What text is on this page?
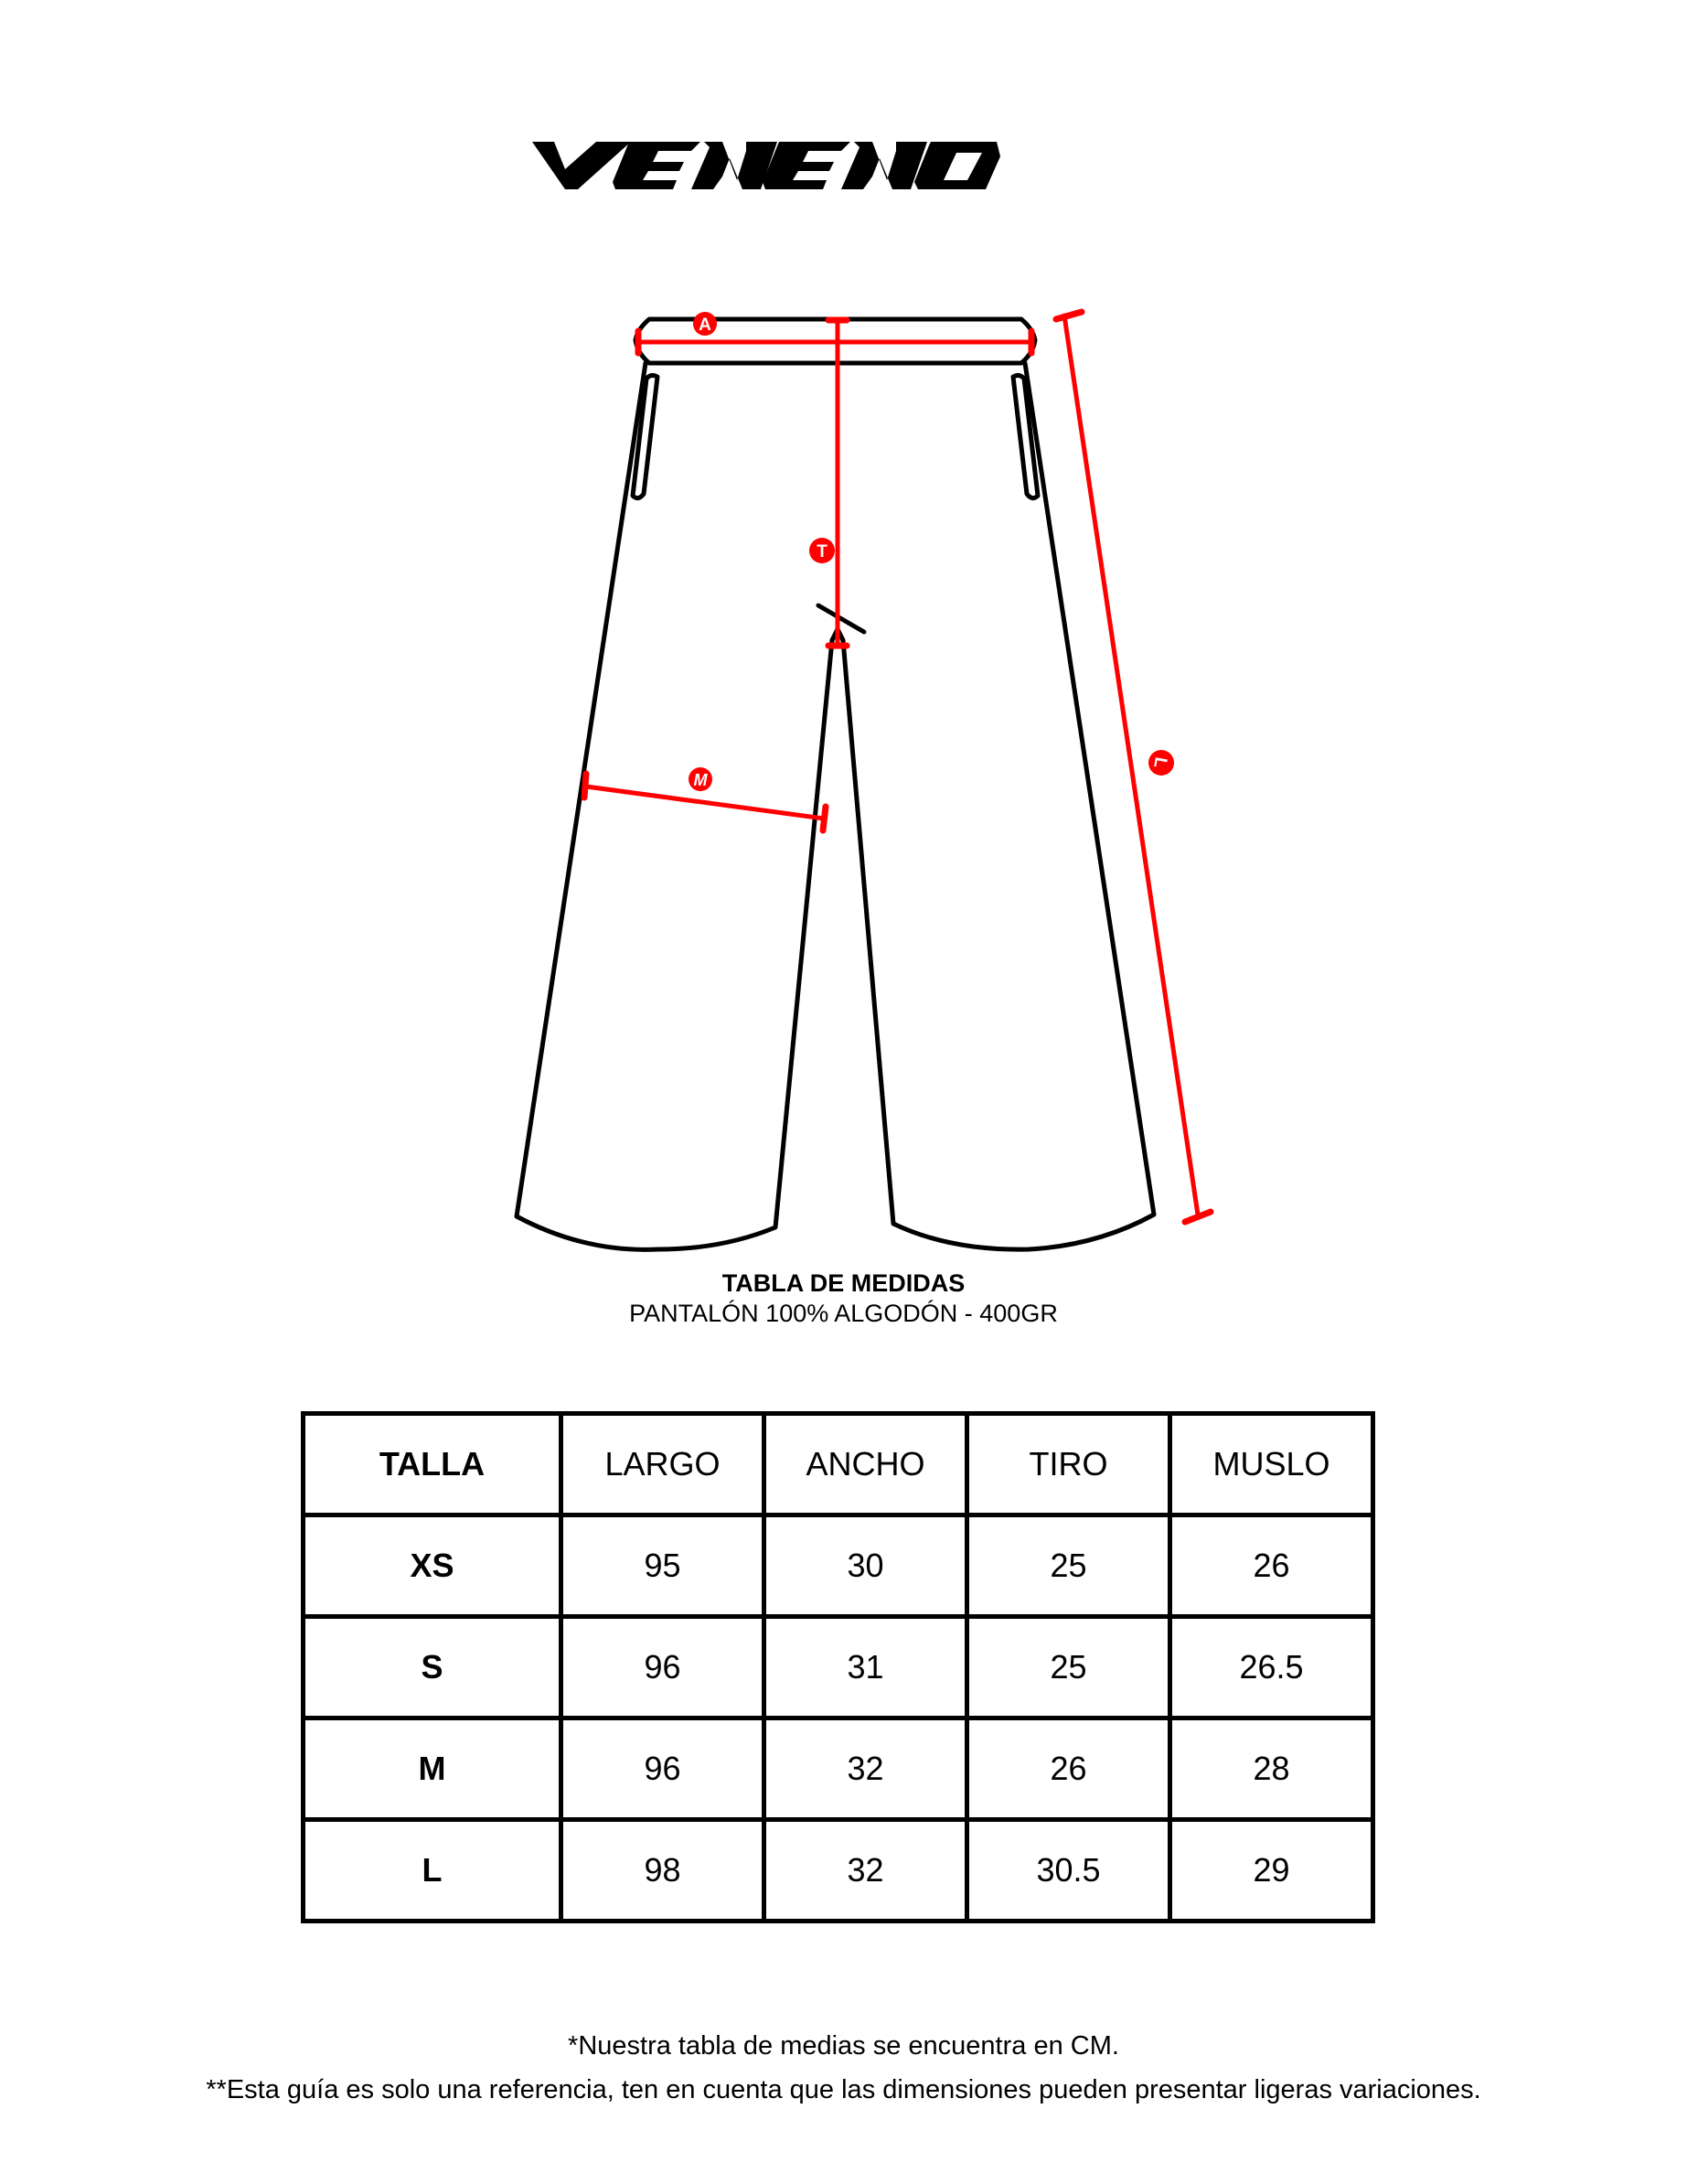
A
T
M
L
TABLA DE MEDIDAS
PANTALÓN 100% ALGODÓN - 400GR
TALLA	LARGO	ANCHO	TIRO	MUSLO
XS	95	30	25	26
S	96	31	25	26.5
M	96	32	26	28
L	98	32	30.5	29
*Nuestra tabla de medias se encuentra en CM.
**Esta guía es solo una referencia, ten en cuenta que las dimensiones pueden presentar ligeras variaciones.
